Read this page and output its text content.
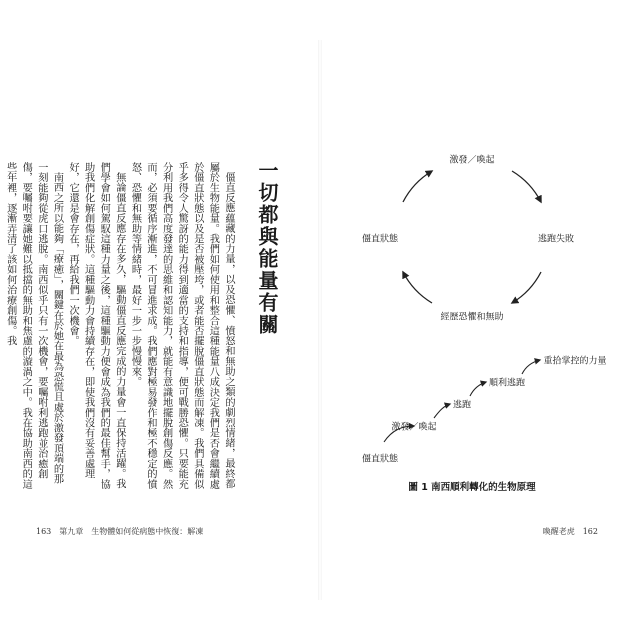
一切都與能量有關

僵直反應蘊藏的力量，以及恐懼、憤怒和無助之類的劇烈情緒，最終都屬於生物能量。我們如何使用和整合這種能量八成決定我們是否會繼續處於僵直狀態以及是否被壓垮，或者能否擺脫僵直狀態而解凍。我們具備似乎多得令人驚訝的能力得到適當的支持和指導，便可戰勝恐懼。只要能充分利用我們高度發達的思維和認知能力，就能有意識地擺脫創傷反應。然而，必須要循序漸進，不可冒進求成。我們應對極易發作和極不穩定的憤怒、恐懼和無助等情緒時，最好一步一步慢慢來。

無論僵直反應存在多久，驅動僵直反應完成的力量會一直保持活躍。我們學會如何駕馭這種力量之後，這種驅動力便會成為我們的最佳幫手，協助我們化解創傷症狀。這種驅動力會持續存在，即使我們沒有妥善處理好，它還是會存在，再給我們一次機會。

南西之所以能夠「療癒」，關鍵在於她在最為恐慌且處於激發頂端的那一刻能夠從虎口逃脫。南西似乎只有一次機會，要囑咐利逃跑並治癒創傷，要囑咐要讓她難以抵擋的無助和焦慮的漩渦之中。我在協助南西的這些年裡，逐漸弄清了該如何治療創傷。我

163 第九章　生物體如何從病態中恢復：解凍
激發／喚起
逃跑失敗
經歷恐懼和無助
僵直狀態
僵直狀態
激發／喚起
逃跑
順利逃跑
重拾掌控的力量
圖 1 南西順利轉化的生物原理
喚醒老虎 162
